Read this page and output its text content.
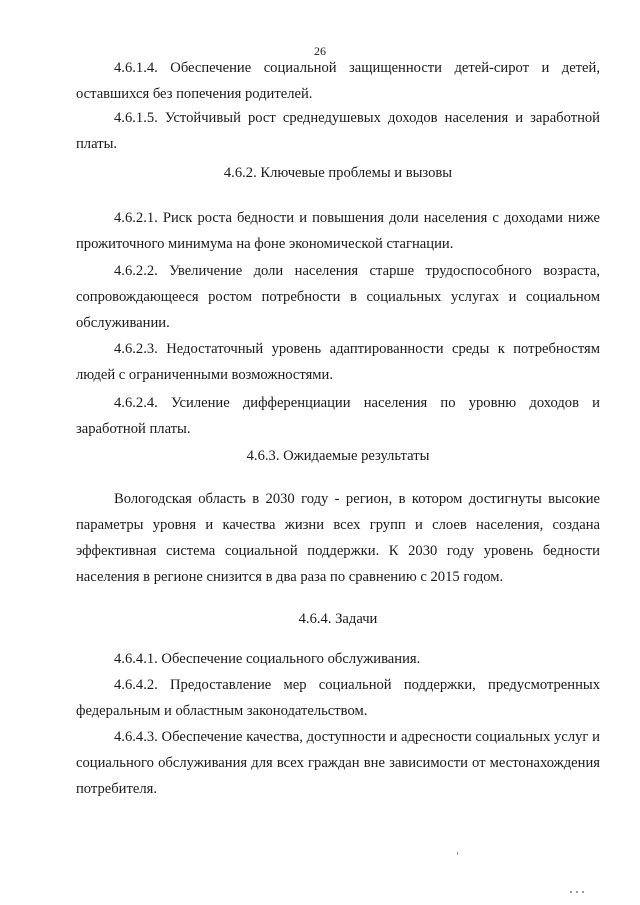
26

4.6.1.4. Обеспечение социальной защищенности детей-сирот и детей, оставшихся без попечения родителей.

4.6.1.5. Устойчивый рост среднедушевых доходов населения и заработной платы.

4.6.2. Ключевые проблемы и вызовы

4.6.2.1. Риск роста бедности и повышения доли населения с доходами ниже прожиточного минимума на фоне экономической стагнации.

4.6.2.2. Увеличение доли населения старше трудоспособного возраста, сопровождающееся ростом потребности в социальных услугах и социальном обслуживании.

4.6.2.3. Недостаточный уровень адаптированности среды к потребностям людей с ограниченными возможностями.

4.6.2.4. Усиление дифференциации населения по уровню доходов и заработной платы.

4.6.3. Ожидаемые результаты

Вологодская область в 2030 году - регион, в котором достигнуты высокие параметры уровня и качества жизни всех групп и слоев населения, создана эффективная система социальной поддержки. К 2030 году уровень бедности населения в регионе снизится в два раза по сравнению с 2015 годом.

4.6.4. Задачи

4.6.4.1. Обеспечение социального обслуживания.

4.6.4.2. Предоставление мер социальной поддержки, предусмотренных федеральным и областным законодательством.

4.6.4.3. Обеспечение качества, доступности и адресности социальных услуг и социального обслуживания для всех граждан вне зависимости от местонахождения потребителя.
